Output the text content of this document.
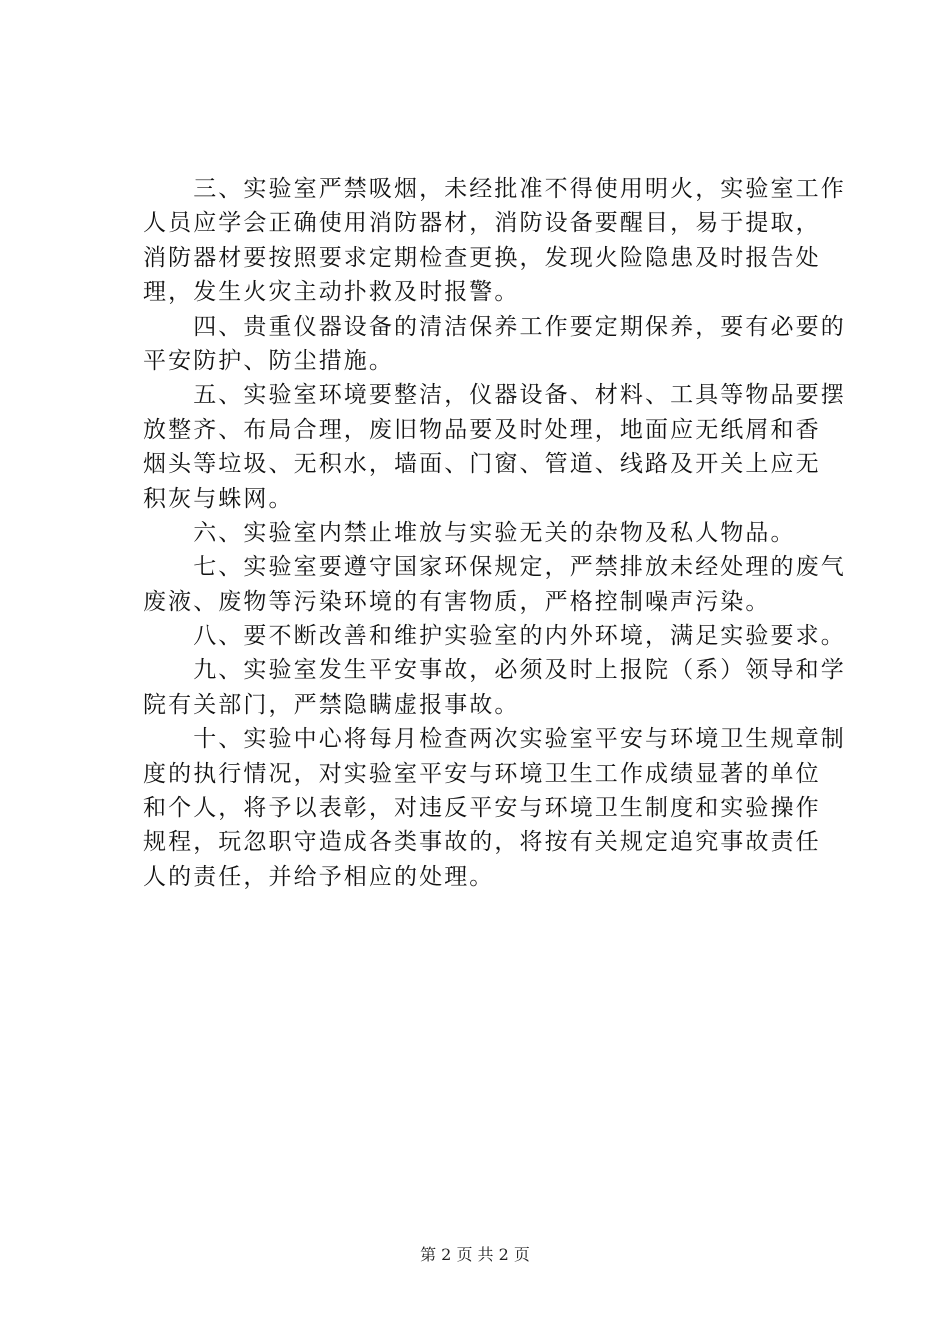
　　三、实验室严禁吸烟，未经批准不得使用明火，实验室工作
人员应学会正确使用消防器材，消防设备要醒目，易于提取，
消防器材要按照要求定期检查更换，发现火险隐患及时报告处
理，发生火灾主动扑救及时报警。
　　四、贵重仪器设备的清洁保养工作要定期保养，要有必要的
平安防护、防尘措施。
　　五、实验室环境要整洁，仪器设备、材料、工具等物品要摆
放整齐、布局合理，废旧物品要及时处理，地面应无纸屑和香
烟头等垃圾、无积水，墙面、门窗、管道、线路及开关上应无
积灰与蛛网。
　　六、实验室内禁止堆放与实验无关的杂物及私人物品。
　　七、实验室要遵守国家环保规定，严禁排放未经处理的废气
废液、废物等污染环境的有害物质，严格控制噪声污染。
　　八、要不断改善和维护实验室的内外环境，满足实验要求。
　　九、实验室发生平安事故，必须及时上报院（系）领导和学
院有关部门，严禁隐瞒虚报事故。
　　十、实验中心将每月检查两次实验室平安与环境卫生规章制
度的执行情况，对实验室平安与环境卫生工作成绩显著的单位
和个人，将予以表彰，对违反平安与环境卫生制度和实验操作
规程，玩忽职守造成各类事故的，将按有关规定追究事故责任
人的责任，并给予相应的处理。
第 2 页 共 2 页
